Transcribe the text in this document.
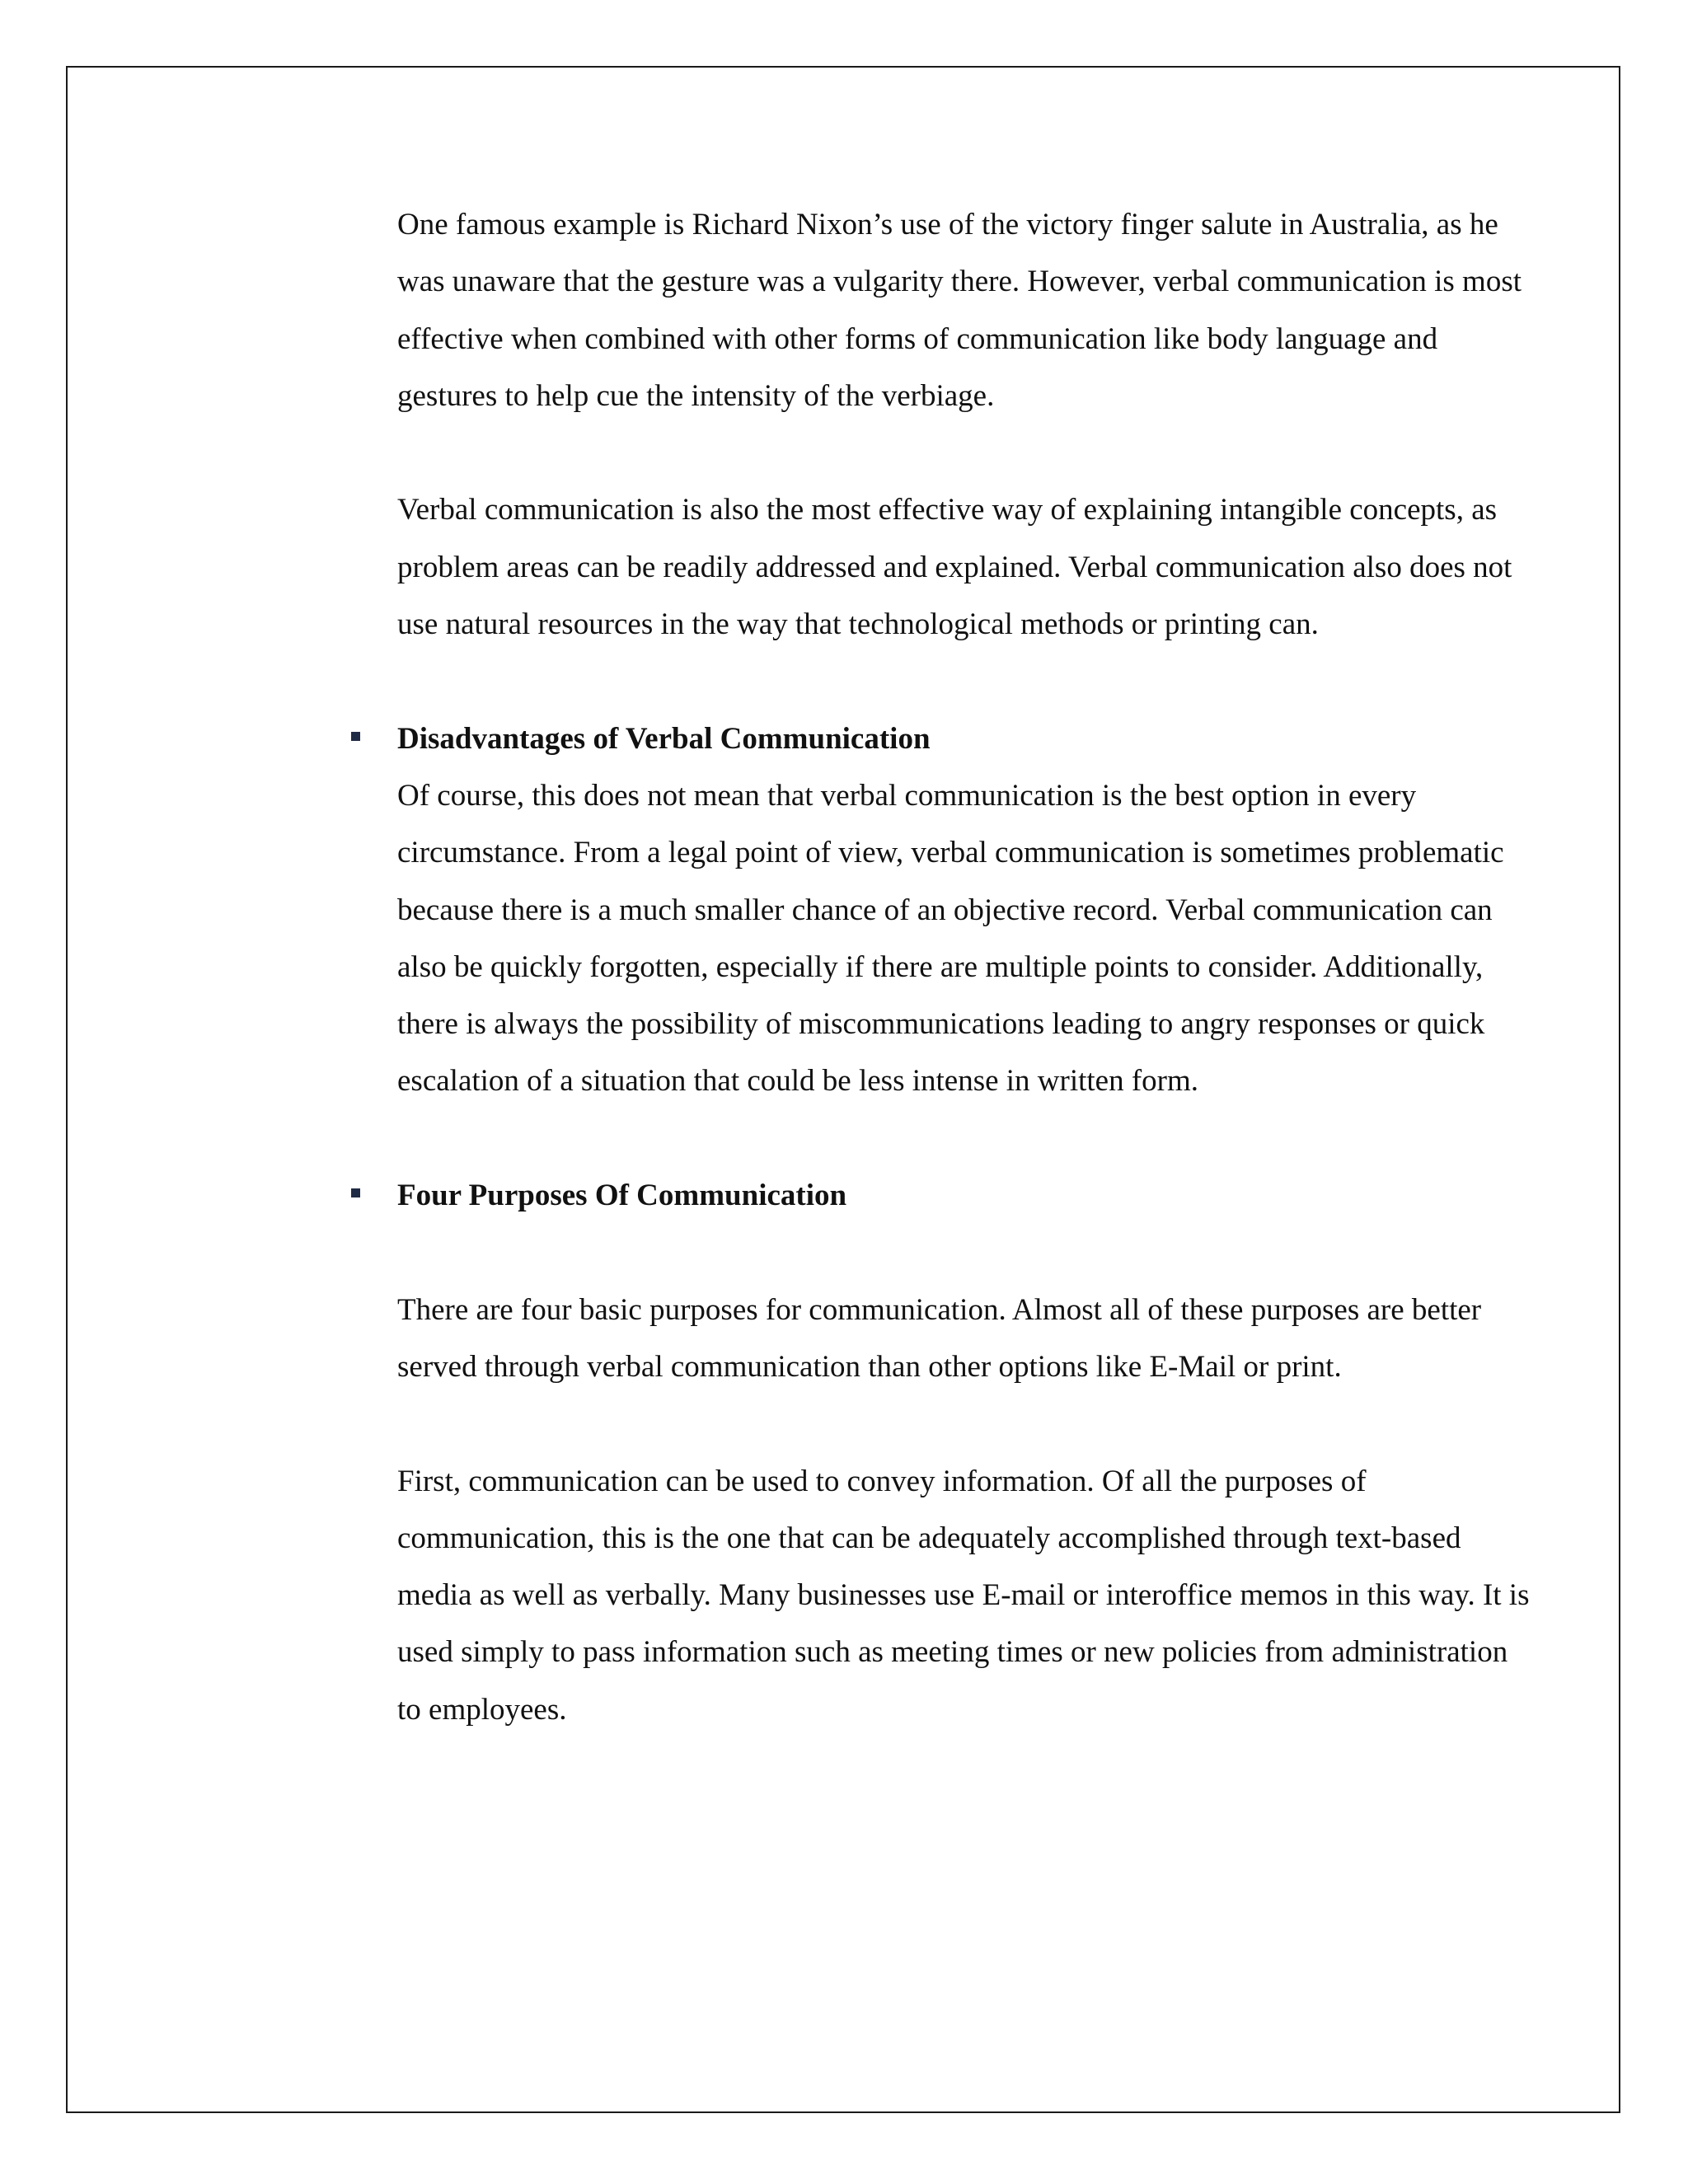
One famous example is Richard Nixon’s use of the victory finger salute in Australia, as he was unaware that the gesture was a vulgarity there. However, verbal communication is most effective when combined with other forms of communication like body language and gestures to help cue the intensity of the verbiage.

Verbal communication is also the most effective way of explaining intangible concepts, as problem areas can be readily addressed and explained. Verbal communication also does not use natural resources in the way that technological methods or printing can.

Disadvantages of Verbal Communication

Of course, this does not mean that verbal communication is the best option in every circumstance. From a legal point of view, verbal communication is sometimes problematic because there is a much smaller chance of an objective record. Verbal communication can also be quickly forgotten, especially if there are multiple points to consider. Additionally, there is always the possibility of miscommunications leading to angry responses or quick escalation of a situation that could be less intense in written form.

Four Purposes Of Communication

There are four basic purposes for communication. Almost all of these purposes are better served through verbal communication than other options like E-Mail or print.

First, communication can be used to convey information. Of all the purposes of communication, this is the one that can be adequately accomplished through text-based media as well as verbally. Many businesses use E-mail or interoffice memos in this way. It is used simply to pass information such as meeting times or new policies from administration to employees.
